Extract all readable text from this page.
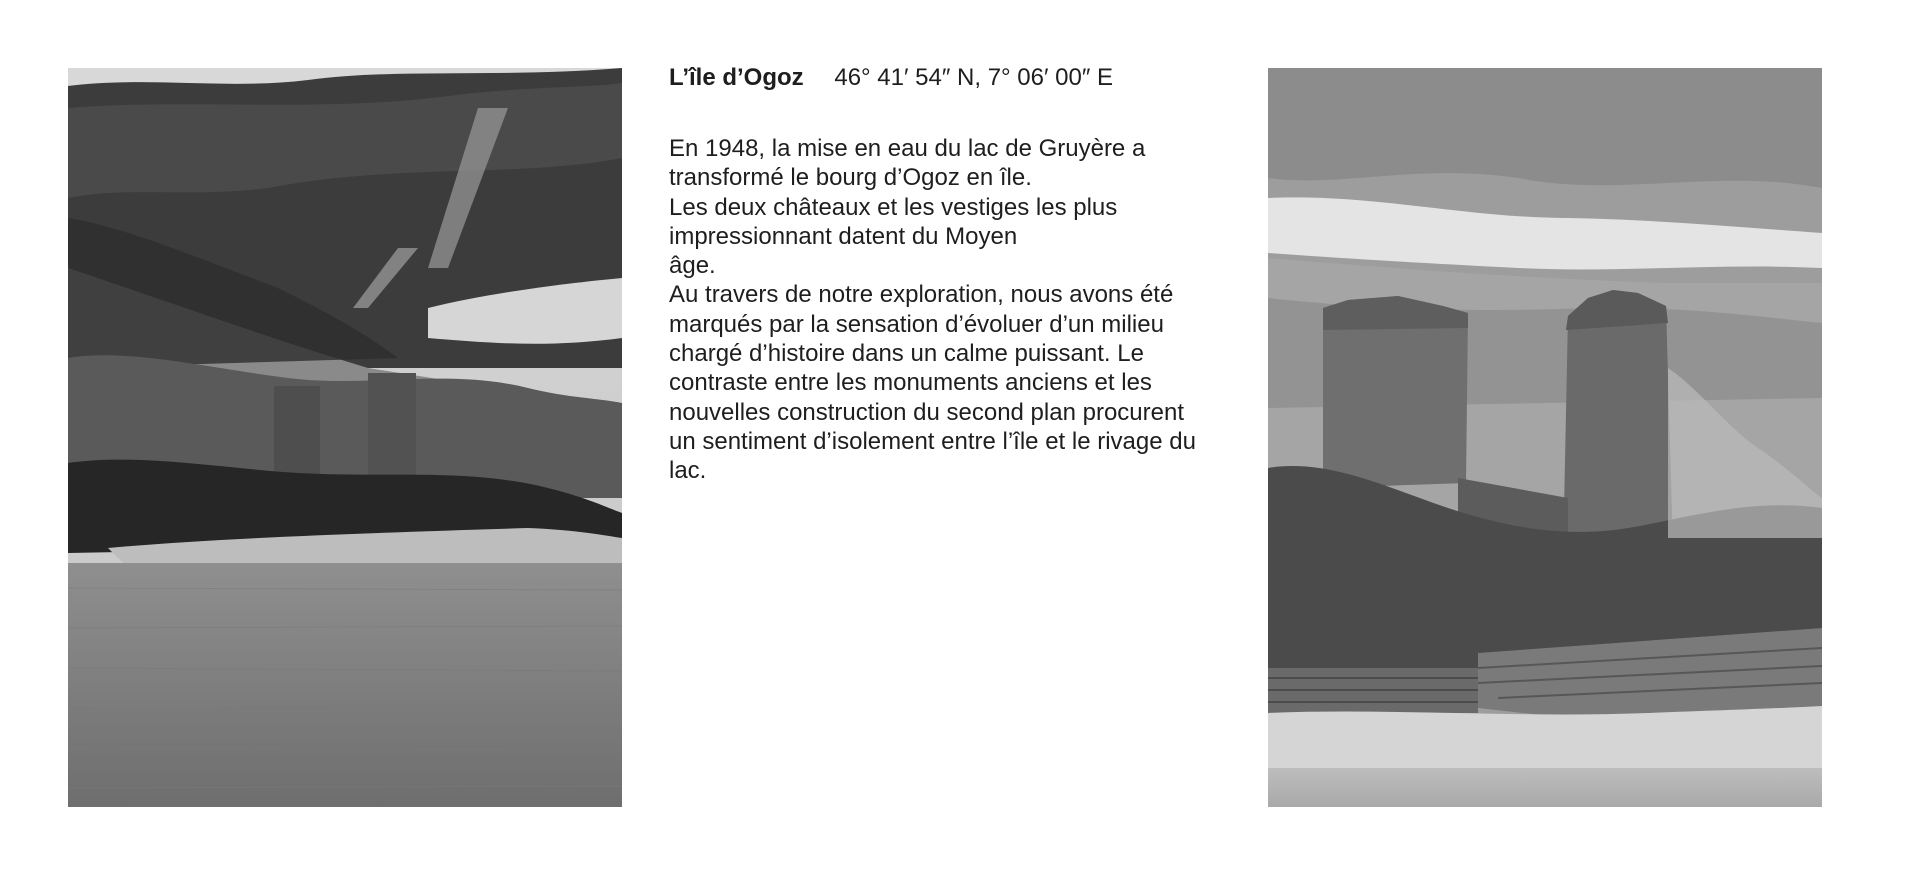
L’île d’Ogoz 46° 41′ 54″ N, 7° 06′ 00″ E
En 1948, la mise en eau du lac de Gruyère a
transformé le bourg d’Ogoz en île.
Les deux châteaux et les vestiges les plus
impressionnant datent du Moyen
âge.
Au travers de notre exploration, nous avons été
marqués par la sensation d’évoluer d’un milieu
chargé d’histoire dans un calme puissant. Le
contraste entre les monuments anciens et les
nouvelles construction du second plan procurent
un sentiment d’isolement entre l’île et le rivage du
lac.
